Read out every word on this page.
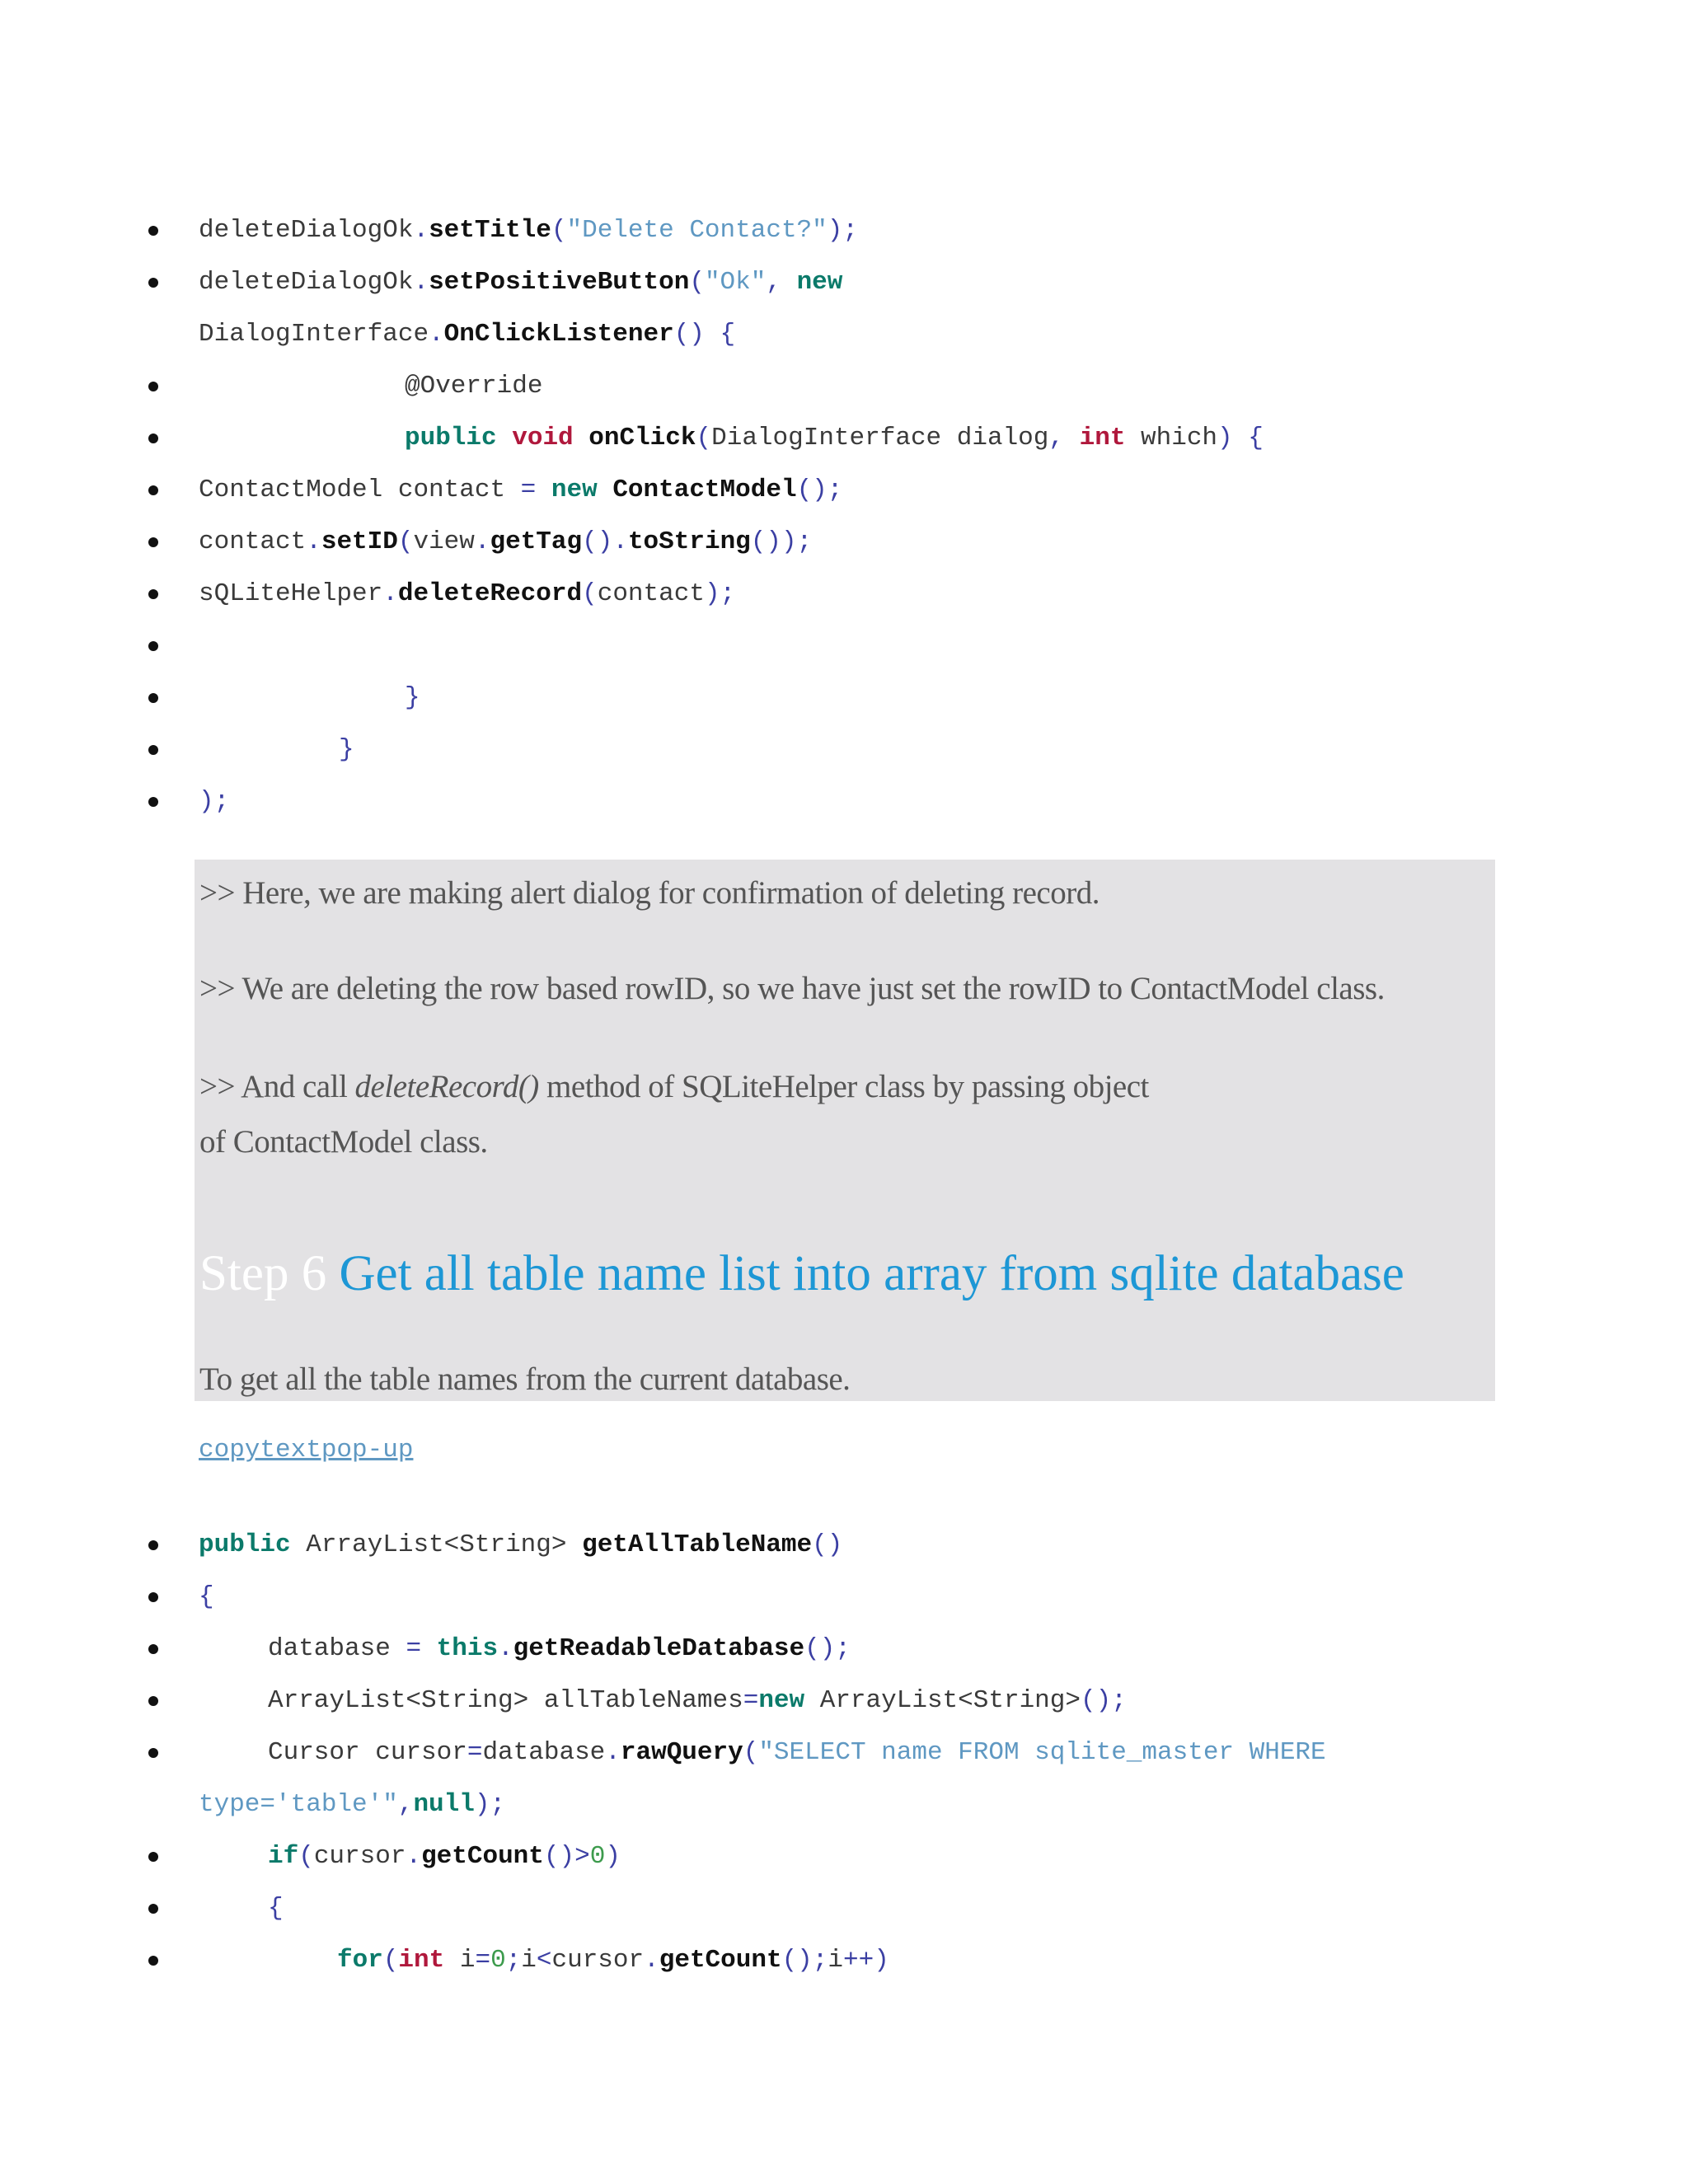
deleteDialogOk.setTitle("Delete Contact?");

deleteDialogOk.setPositiveButton("Ok", new

DialogInterface.OnClickListener() {

@Override

public void onClick(DialogInterface dialog, int which) {

ContactModel contact = new ContactModel();

contact.setID(view.getTag().toString());

sQLiteHelper.deleteRecord(contact);

}

}

);

>> Here, we are making alert dialog for confirmation of deleting record.
>> We are deleting the row based rowID, so we have just set the rowID to ContactModel class.
>> And call deleteRecord() method of SQLiteHelper class by passing object
of ContactModel class.
Step 6 Get all table name list into array from sqlite database
To get all the table names from the current database.
copytextpop-up

public ArrayList<String> getAllTableName()

{

database = this.getReadableDatabase();

ArrayList<String> allTableNames=new ArrayList<String>();

Cursor cursor=database.rawQuery("SELECT name FROM sqlite_master WHERE

type='table'",null);

if(cursor.getCount()>0)

{

for(int i=0;i<cursor.getCount();i++)
